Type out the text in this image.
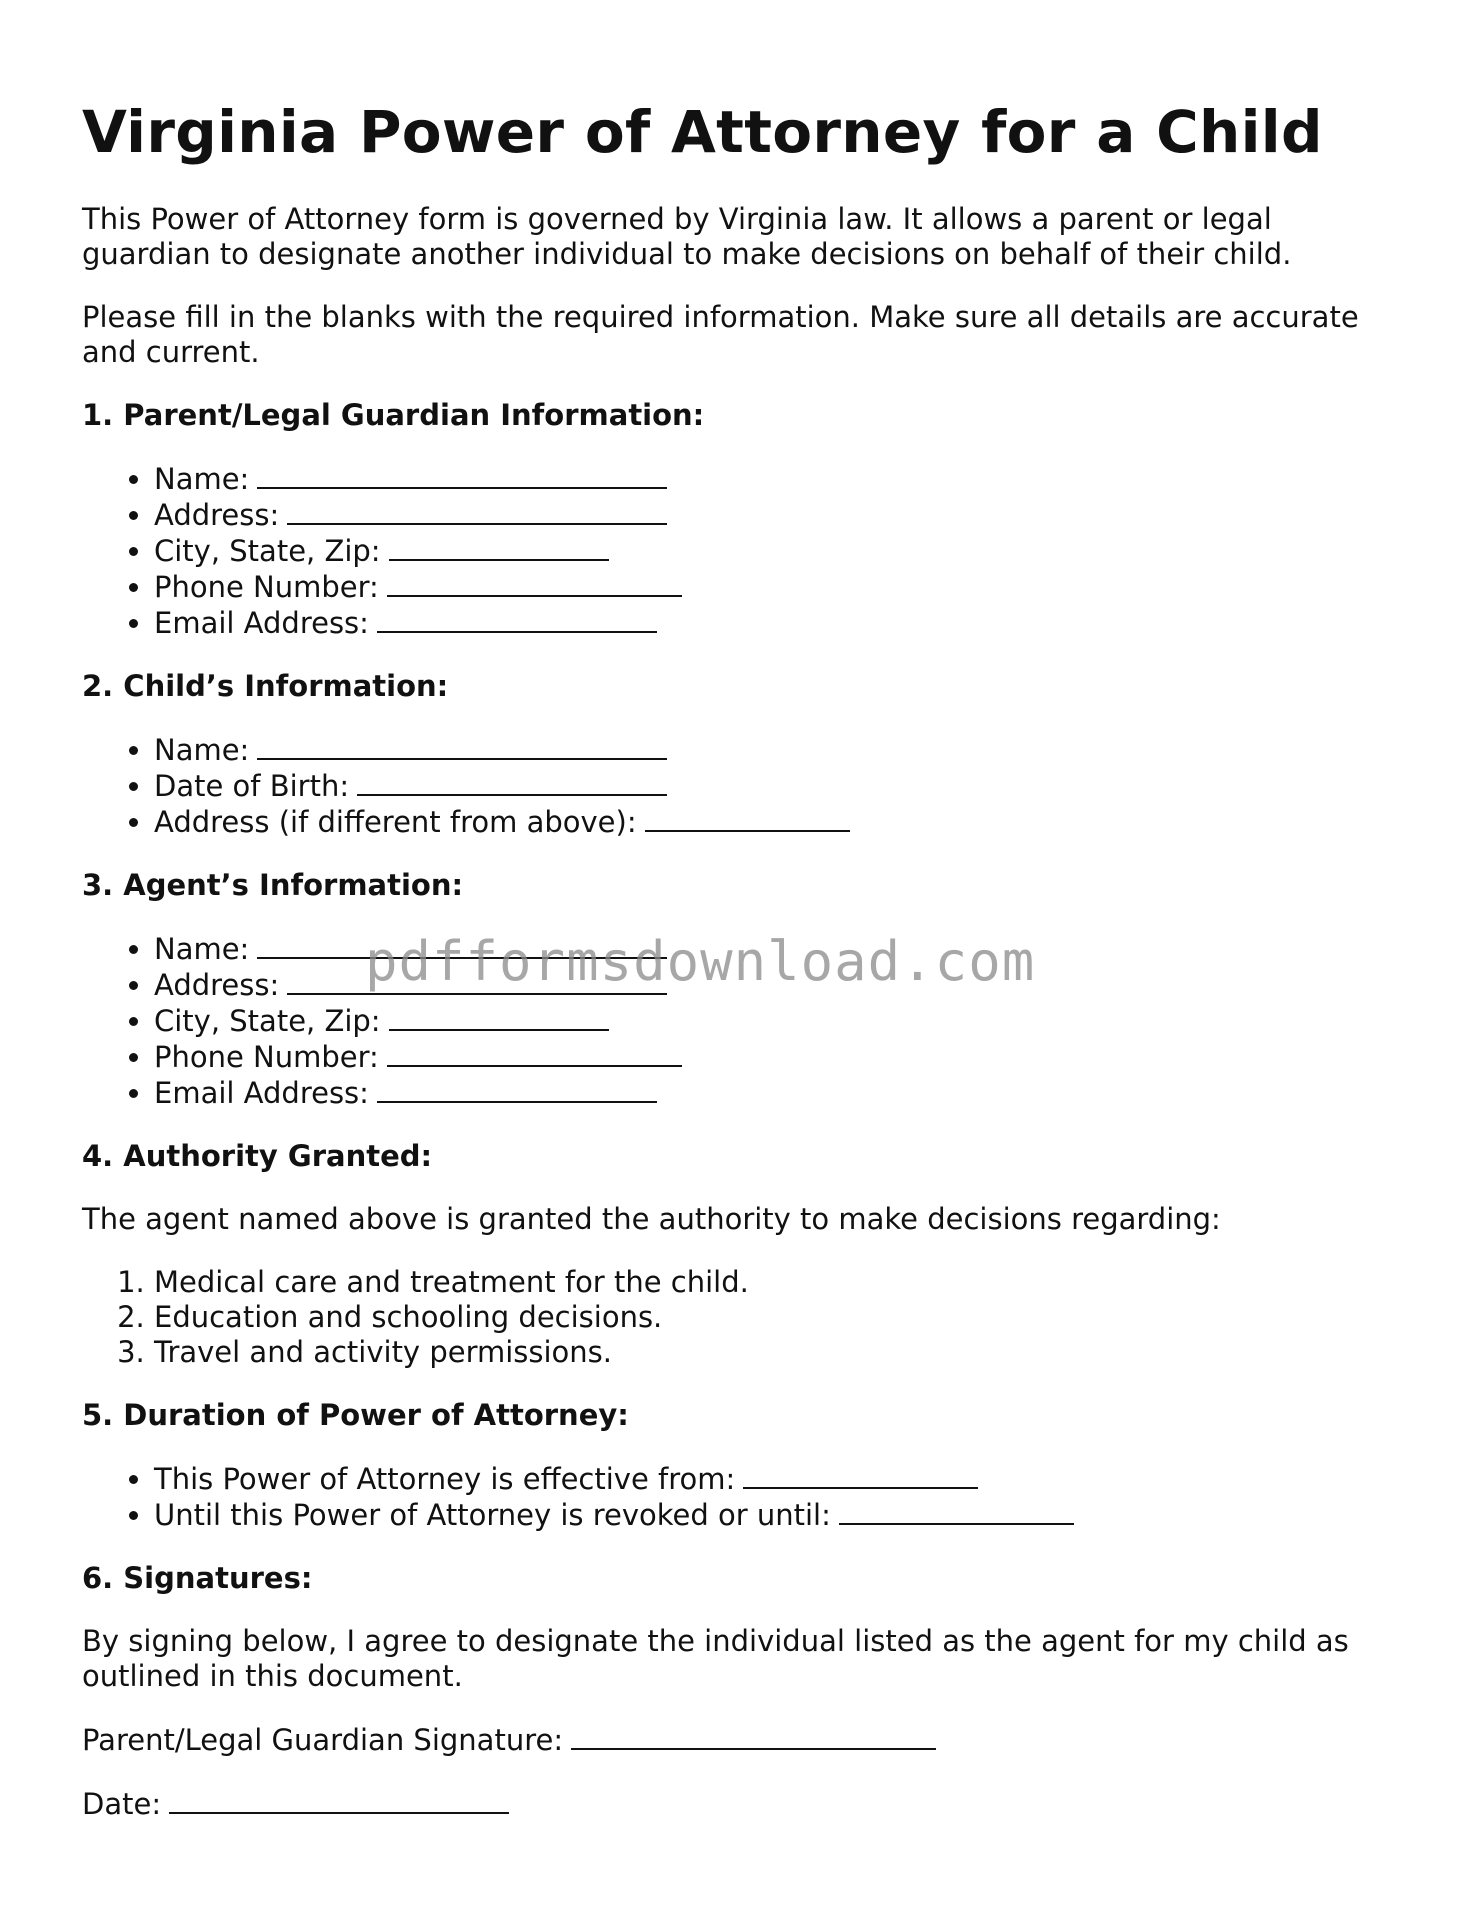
Virginia Power of Attorney for a Child

This Power of Attorney form is governed by Virginia law. It allows a parent or legal guardian to designate another individual to make decisions on behalf of their child.

Please fill in the blanks with the required information. Make sure all details are accurate and current.

1. Parent/Legal Guardian Information:
• Name:
• Address:
• City, State, Zip:
• Phone Number:
• Email Address:
2. Child’s Information:
• Name:
• Date of Birth:
• Address (if different from above):
3. Agent’s Information:
• Name:
• Address:
• City, State, Zip:
• Phone Number:
• Email Address:
4. Authority Granted:

The agent named above is granted the authority to make decisions regarding:

1. Medical care and treatment for the child.
2. Education and schooling decisions.
3. Travel and activity permissions.
5. Duration of Power of Attorney:
• This Power of Attorney is effective from:
• Until this Power of Attorney is revoked or until:
6. Signatures:

By signing below, I agree to designate the individual listed as the agent for my child as outlined in this document.

Parent/Legal Guardian Signature:

Date:

pdfformsdownload.com
